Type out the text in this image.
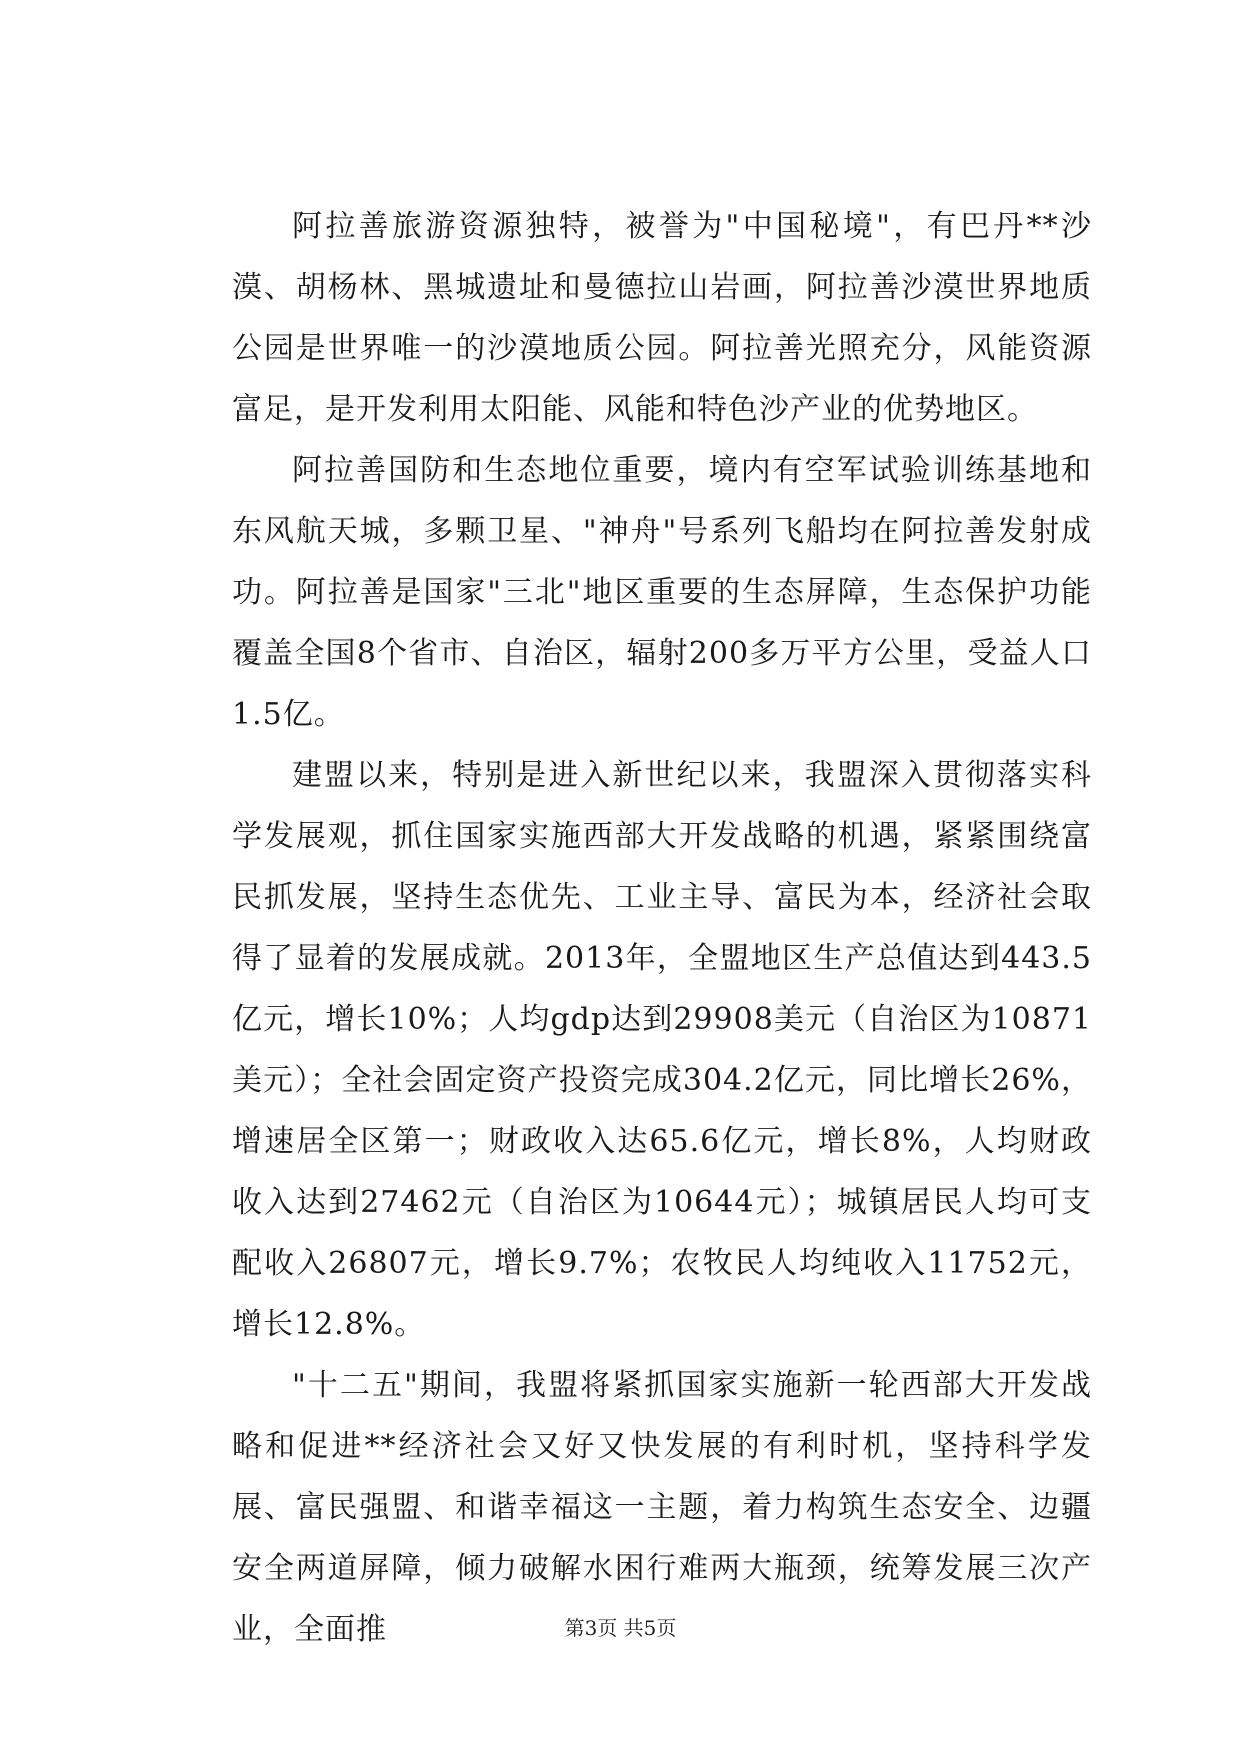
阿拉善旅游资源独特，被誉为"中国秘境"，有巴丹**沙漠、胡杨林、黑城遗址和曼德拉山岩画，阿拉善沙漠世界地质公园是世界唯一的沙漠地质公园。阿拉善光照充分，风能资源富足，是开发利用太阳能、风能和特色沙产业的优势地区。

阿拉善国防和生态地位重要，境内有空军试验训练基地和东风航天城，多颗卫星、"神舟"号系列飞船均在阿拉善发射成功。阿拉善是国家"三北"地区重要的生态屏障，生态保护功能覆盖全国8个省市、自治区，辐射200多万平方公里，受益人口1.5亿。

建盟以来，特别是进入新世纪以来，我盟深入贯彻落实科学发展观，抓住国家实施西部大开发战略的机遇，紧紧围绕富民抓发展，坚持生态优先、工业主导、富民为本，经济社会取得了显着的发展成就。2013年，全盟地区生产总值达到443.5亿元，增长10%；人均gdp达到29908美元（自治区为10871美元）；全社会固定资产投资完成304.2亿元，同比增长26%，增速居全区第一；财政收入达65.6亿元，增长8%，人均财政收入达到27462元（自治区为10644元）；城镇居民人均可支配收入26807元，增长9.7%；农牧民人均纯收入11752元，增长12.8%。

"十二五"期间，我盟将紧抓国家实施新一轮西部大开发战略和促进**经济社会又好又快发展的有利时机，坚持科学发展、富民强盟、和谐幸福这一主题，着力构筑生态安全、边疆安全两道屏障，倾力破解水困行难两大瓶颈，统筹发展三次产业，全面推	第3页 共5页
